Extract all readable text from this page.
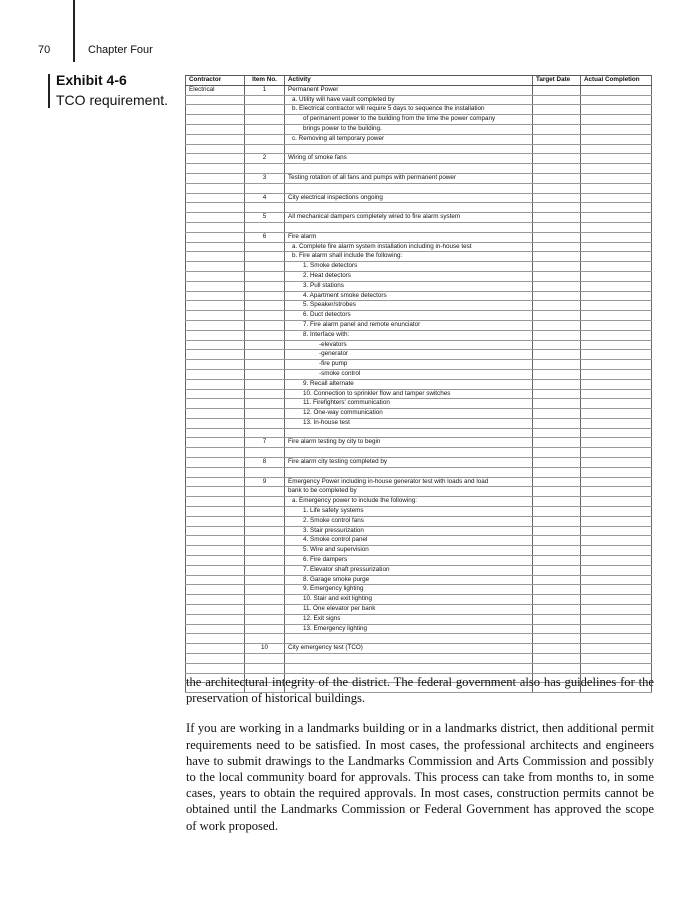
70	Chapter Four
Exhibit 4-6
TCO requirement.
Contractor	Item No.	Activity	Target Date	Actual Completion
Electrical	1	Permanent Power		
		a. Utility will have vault completed by		
		b. Electrical contractor will require 5 days to sequence the installation		
		of permanent power to the building from the time the power company		
		brings power to the building.		
		c. Removing all temporary power		

	2	Wiring of smoke fans		

	3	Testing rotation of all fans and pumps with permanent power		

	4	City electrical inspections ongoing		

	5	All mechanical dampers completely wired to fire alarm system		

	6	Fire alarm		
		a. Complete fire alarm system installation including in-house test		
		b. Fire alarm shall include the following:		
		1. Smoke detectors		
		2. Heat detectors		
		3. Pull stations		
		4. Apartment smoke detectors		
		5. Speaker/strobes		
		6. Duct detectors		
		7. Fire alarm panel and remote enunciator		
		8. Interface with:		
		-elevators		
		-generator		
		-fire pump		
		-smoke control		
		9. Recall alternate		
		10. Connection to sprinkler flow and tamper switches		
		11. Firefighters' communication		
		12. One-way communication		
		13. In-house test		

	7	Fire alarm testing by city to begin		

	8	Fire alarm city testing completed by		

	9	Emergency Power including in-house generator test with loads and load		
		bank to be completed by		
		a. Emergency power to include the following:		
		1. Life safety systems		
		2. Smoke control fans		
		3. Stair pressurization		
		4. Smoke control panel		
		5. Wire and supervision		
		6. Fire dampers		
		7. Elevator shaft pressurization		
		8. Garage smoke purge		
		9. Emergency lighting		
		10. Stair and exit lighting		
		11. One elevator per bank		
		12. Exit signs		
		13. Emergency lighting		

	10	City emergency test (TCO)		

the architectural integrity of the district. The federal government also has guidelines for the preservation of historical buildings.

If you are working in a landmarks building or in a landmarks district, then additional permit requirements need to be satisfied. In most cases, the professional architects and engineers have to submit drawings to the Landmarks Commission and Arts Commission and possibly to the local community board for approvals. This process can take from months to, in some cases, years to obtain the required approvals. In most cases, construction permits cannot be obtained until the Landmarks Commission or Federal Government has approved the scope of work proposed.
